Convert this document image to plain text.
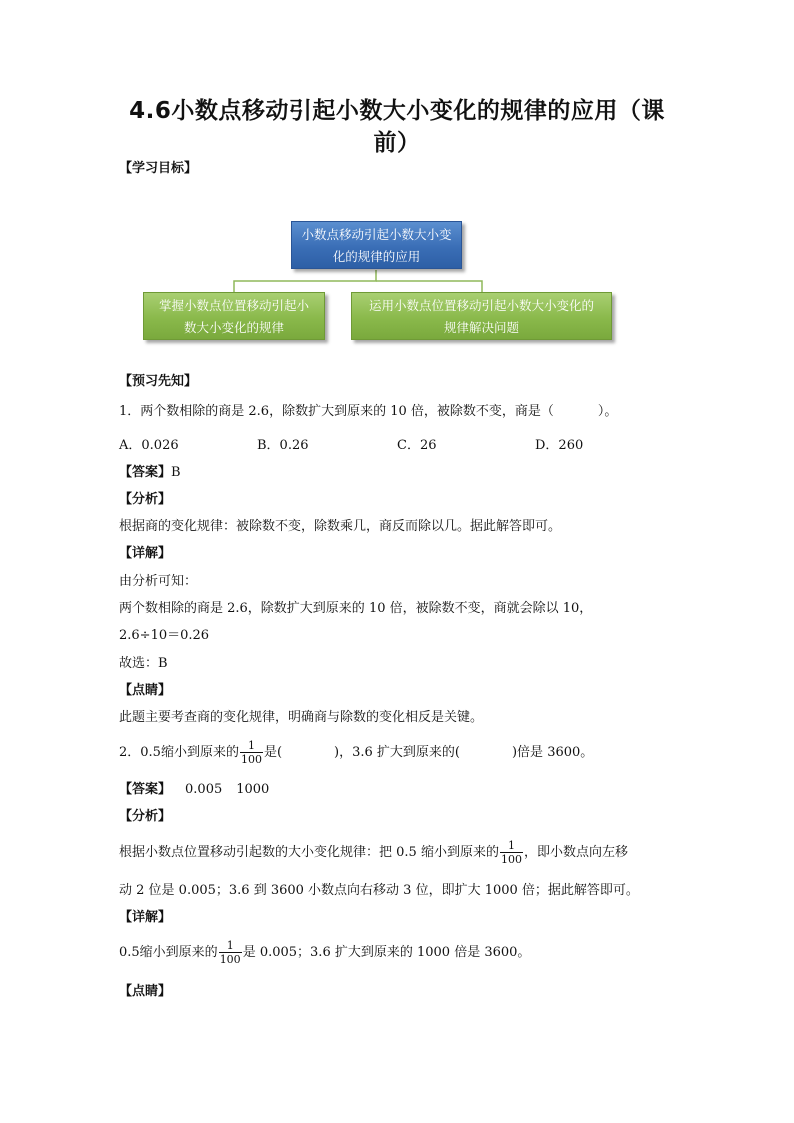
4.6小数点移动引起小数大小变化的规律的应用（课
前）
【学习目标】
小数点移动引起小数大小变
化的规律的应用
掌握小数点位置移动引起小
数大小变化的规律
运用小数点位置移动引起小数大小变化的
规律解决问题
【预习先知】
1．两个数相除的商是 2.6，除数扩大到原来的 10 倍，被除数不变，商是（	）。
A．0.026	B．0.26	C．26	D．260
【答案】B
【分析】
根据商的变化规律：被除数不变，除数乘几，商反而除以几。据此解答即可。
【详解】
由分析可知：
两个数相除的商是 2.6，除数扩大到原来的 10 倍，被除数不变，商就会除以 10，
2.6÷10＝0.26
故选：B
【点睛】
此题主要考查商的变化规律，明确商与除数的变化相反是关键。
2．0.5缩小到原来的 $\frac{1}{100}$ 是(	)，3.6 扩大到原来的(	)倍是 3600。
【答案】 0.005 1000
【分析】
根据小数点位置移动引起数的大小变化规律：把 0.5 缩小到原来的 $\frac{1}{100}$ ，即小数点向左移
动 2 位是 0.005；3.6 到 3600 小数点向右移动 3 位，即扩大 1000 倍；据此解答即可。
【详解】
0.5缩小到原来的 $\frac{1}{100}$ 是 0.005；3.6 扩大到原来的 1000 倍是 3600。
【点睛】
